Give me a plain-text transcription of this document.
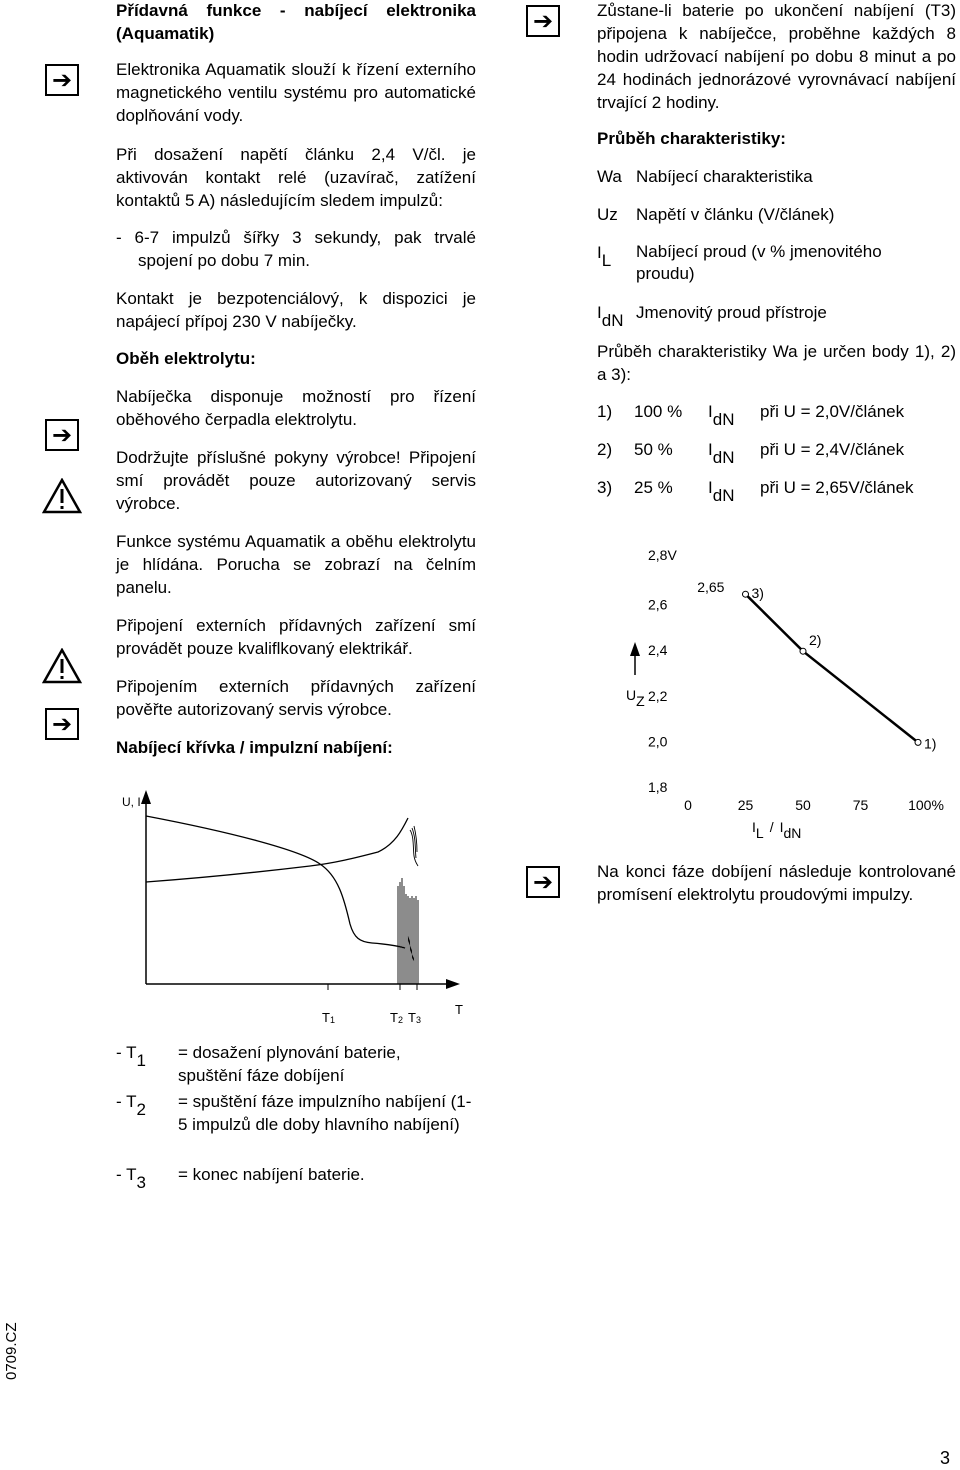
Přídavná funkce - nabíjecí elektronika (Aquamatik)

Elektronika Aquamatik slouží k řízení externího magnetického ventilu systému pro automatické doplňování vody.

Při dosažení napětí článku 2,4 V/čl. je aktivován kontakt relé (uzavírač, zatížení kontaktů 5 A) následujícím sledem impulzů:

- 6-7 impulzů šířky 3 sekundy, pak trvalé spojení po dobu 7 min.

Kontakt je bezpotenciálový, k dispozici je napájecí přípoj 230 V nabíječky.

Oběh elektrolytu:

Nabíječka disponuje možností pro řízení oběhového čerpadla elektrolytu.

Dodržujte příslušné pokyny výrobce! Připojení smí provádět pouze autorizovaný servis výrobce.

Funkce systému Aquamatik a oběhu elektrolytu je hlídána. Porucha se zobrazí na čelním panelu.

Připojení externích přídavných zařízení smí provádět pouze kvaliflkovaný elektrikář.

Připojením externích přídavných zařízení pověřte autorizovaný servis výrobce.

Nabíjecí křívka / impulzní nabíjení:

➔
➔
➔
U, I
T
T1	T2 T3
- T1 = dosažení plynování baterie, spuštění fáze dobíjení
- T2 = spuštění fáze impulzního nabíjení (1-5 impulzů dle doby hlavního nabíjení)
- T3 = konec nabíjení baterie.
➔	Zůstane-li baterie po ukončení nabíjení (T3) připojena k nabíječce, proběhne každých 8 hodin udržovací nabíjení po dobu 8 minut a po 24 hodinách jednorázové vyrovnávací nabíjení trvající 2 hodiny.

Průběh charakteristiky:

Wa Nabíjecí charakteristika
Uz Napětí v článku (V/článek)
IL Nabíjecí proud (v % jmenovitého proudu)
IdN Jmenovitý proud přístroje

Průběh charakteristiky Wa je určen body 1), 2) a 3):

1) 100 % IdN při U = 2,0V/článek
2) 50 % IdN při U = 2,4V/článek
3) 25 % IdN při U = 2,65V/článek
2,8V
2,6
2,65
2,4
2,2
2,0
1,8
0	25	50	75	100%
3)
2)
1)
UZ
IL / IdN
➔	Na konci fáze dobíjení následuje kontrolované promísení elektrolytu proudovými impulzy.

0709.CZ
3
